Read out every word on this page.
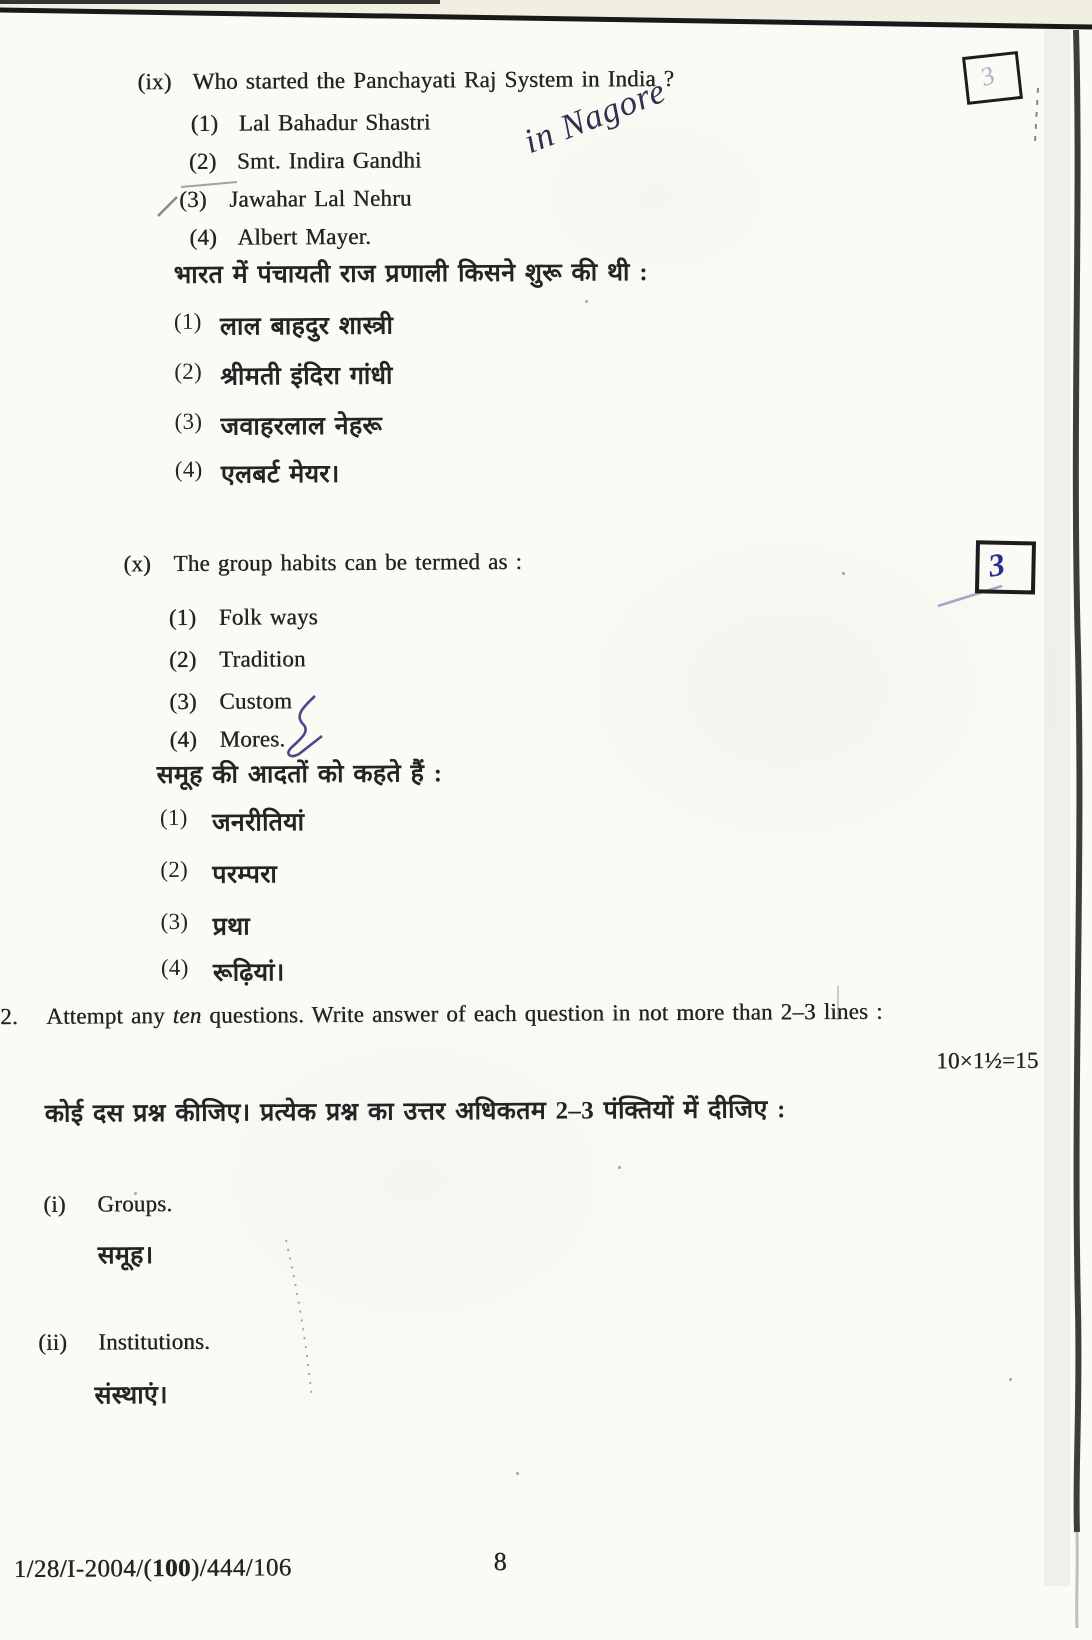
(ix) Who started the Panchayati Raj System in India ?
(1) Lal Bahadur Shastri
(2) Smt. Indira Gandhi
(3) Jawahar Lal Nehru
(4) Albert Mayer.
in Nagore	3
भारत में पंचायती राज प्रणाली किसने शुरू की थी :
(1) लाल बाहदुर शास्त्री
(2) श्रीमती इंदिरा गांधी
(3) जवाहरलाल नेहरू
(4) एलबर्ट मेयर।
(x) The group habits can be termed as :	3
(1) Folk ways
(2) Tradition
(3) Custom
(4) Mores.
समूह की आदतों को कहते हैं :
(1) जनरीतियां
(2) परम्परा
(3) प्रथा
(4) रूढ़ियां।
2.	Attempt any ten questions. Write answer of each question in not more than 2–3 lines :
10×1½=15
कोई दस प्रश्न कीजिए। प्रत्येक प्रश्न का उत्तर अधिकतम 2–3 पंक्तियों में दीजिए :
(i)	Groups.
समूह।
(ii)	Institutions.
संस्थाएं।
1/28/I-2004/(100)/444/106	8
